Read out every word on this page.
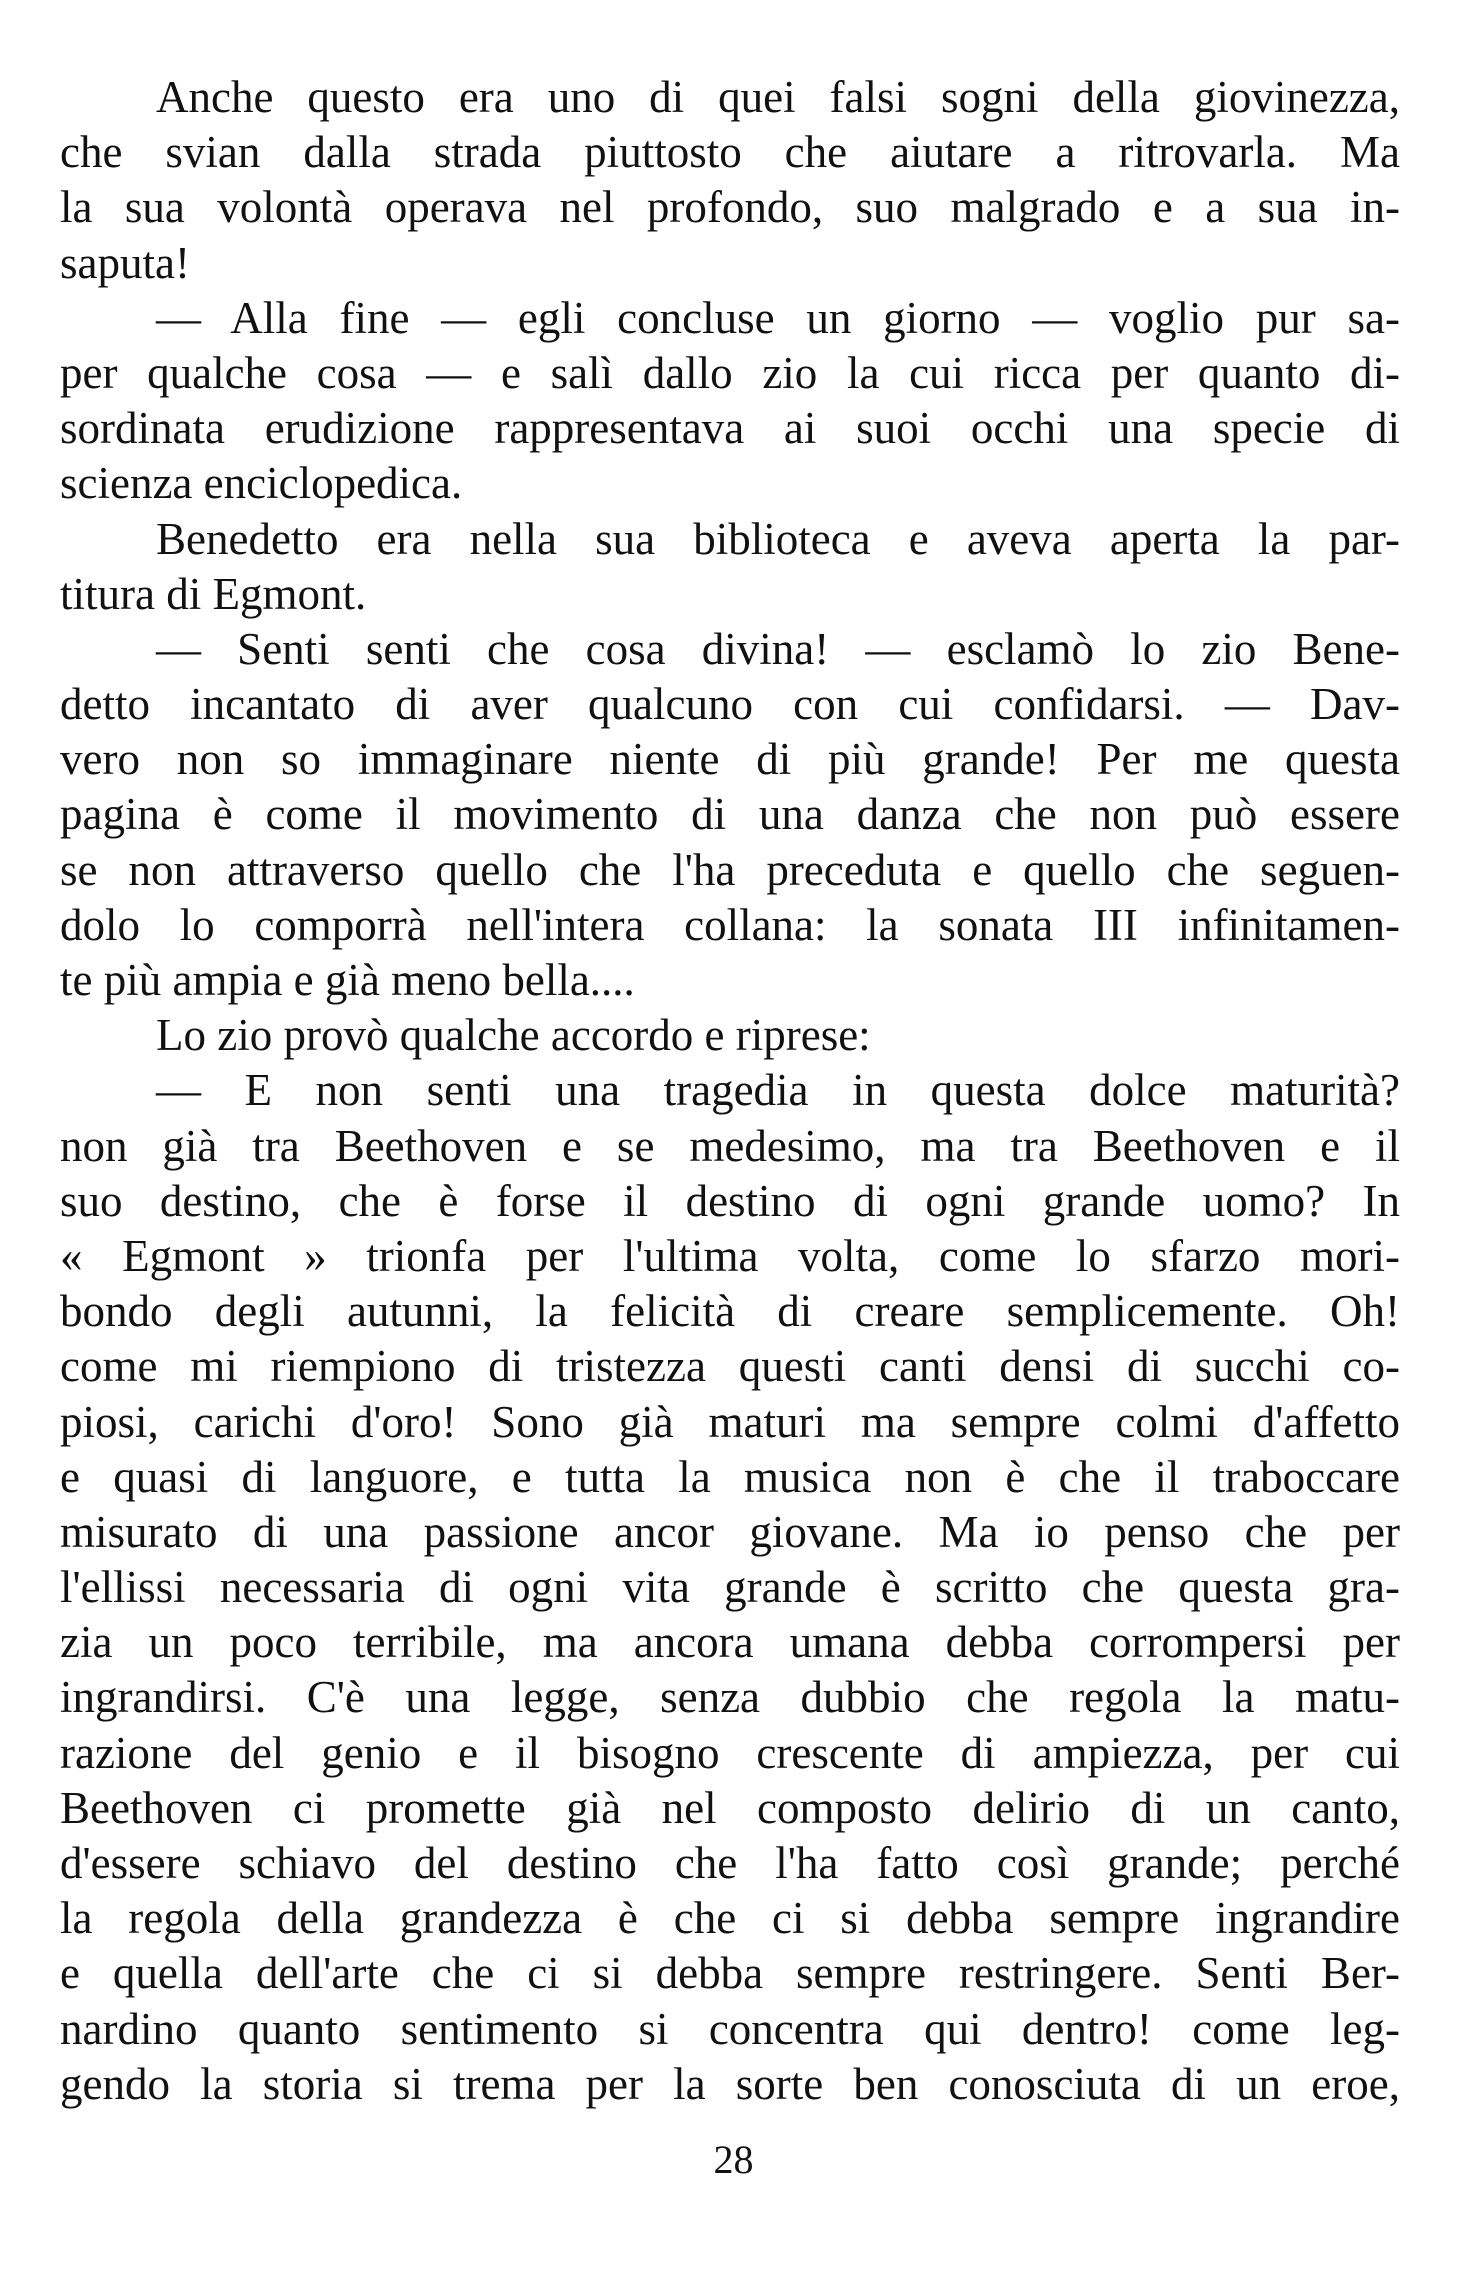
Anche questo era uno di quei falsi sogni della giovinezza,
che svian dalla strada piuttosto che aiutare a ritrovarla. Ma
la sua volontà operava nel profondo, suo malgrado e a sua in-
saputa!
— Alla fine — egli concluse un giorno — voglio pur sa-
per qualche cosa — e salì dallo zio la cui ricca per quanto di-
sordinata erudizione rappresentava ai suoi occhi una specie di
scienza enciclopedica.
Benedetto era nella sua biblioteca e aveva aperta la par-
titura di Egmont.
— Senti senti che cosa divina! — esclamò lo zio Bene-
detto incantato di aver qualcuno con cui confidarsi. — Dav-
vero non so immaginare niente di più grande! Per me questa
pagina è come il movimento di una danza che non può essere
se non attraverso quello che l'ha preceduta e quello che seguen-
dolo lo comporrà nell'intera collana: la sonata III infinitamen-
te più ampia e già meno bella....
Lo zio provò qualche accordo e riprese:
— E non senti una tragedia in questa dolce maturità?
non già tra Beethoven e se medesimo, ma tra Beethoven e il
suo destino, che è forse il destino di ogni grande uomo? In
« Egmont » trionfa per l'ultima volta, come lo sfarzo mori-
bondo degli autunni, la felicità di creare semplicemente. Oh!
come mi riempiono di tristezza questi canti densi di succhi co-
piosi, carichi d'oro! Sono già maturi ma sempre colmi d'affetto
e quasi di languore, e tutta la musica non è che il traboccare
misurato di una passione ancor giovane. Ma io penso che per
l'ellissi necessaria di ogni vita grande è scritto che questa gra-
zia un poco terribile, ma ancora umana debba corrompersi per
ingrandirsi. C'è una legge, senza dubbio che regola la matu-
razione del genio e il bisogno crescente di ampiezza, per cui
Beethoven ci promette già nel composto delirio di un canto,
d'essere schiavo del destino che l'ha fatto così grande; perché
la regola della grandezza è che ci si debba sempre ingrandire
e quella dell'arte che ci si debba sempre restringere. Senti Ber-
nardino quanto sentimento si concentra qui dentro! come leg-
gendo la storia si trema per la sorte ben conosciuta di un eroe,
28
